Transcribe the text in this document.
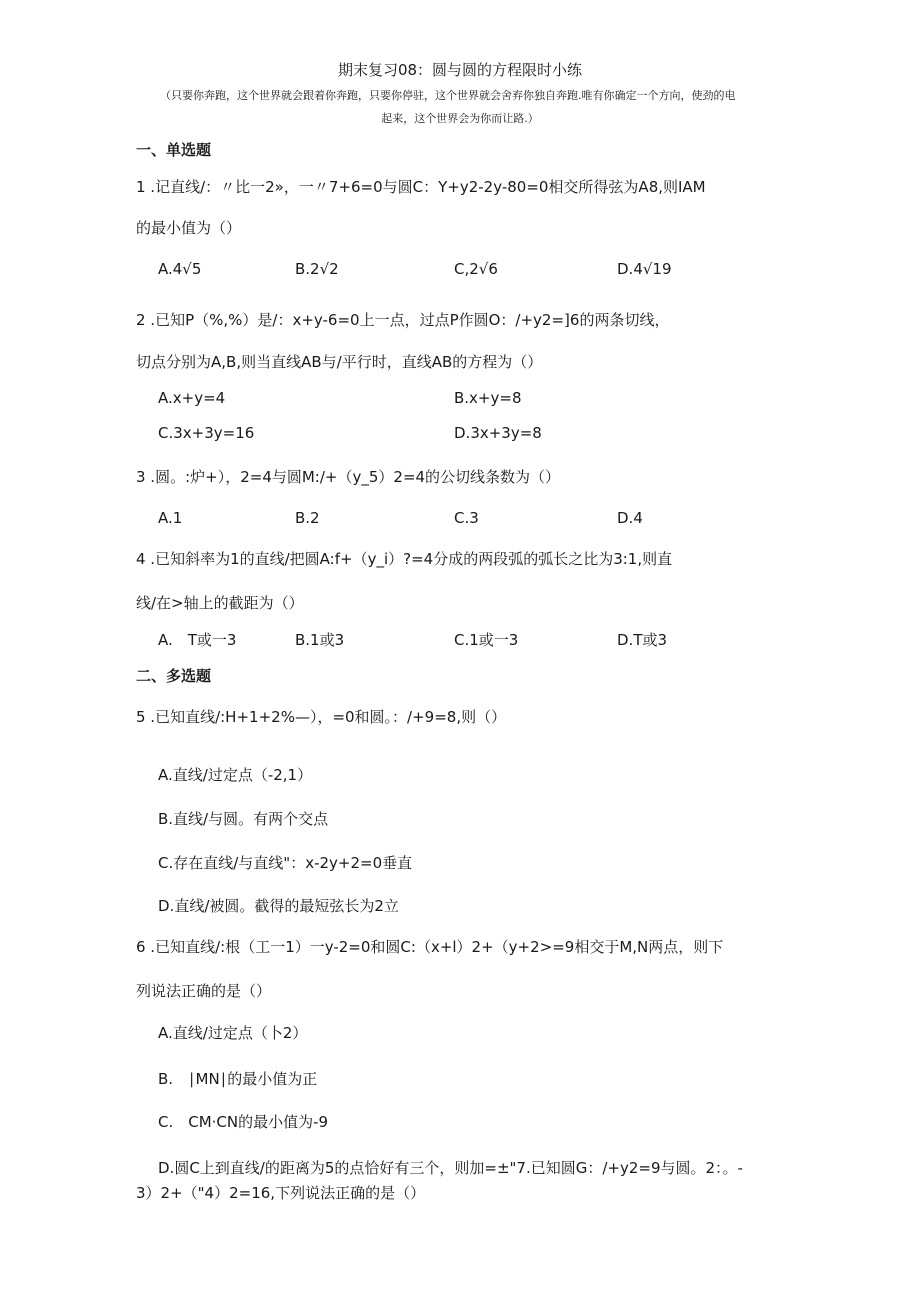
期末复习08：圆与圆的方程限时小练
（只要你奔跑，这个世界就会跟着你奔跑，只要你停驻，这个世界就会舍弃你独自奔跑.唯有你确定一个方向，使劲的电
起来，这个世界会为你而让路.）
一、单选题
1 .记直线/：〃比一2»，一〃7+6=0与圆C：Y+y2-2y-80=0相交所得弦为A8,则IAM
的最小值为（）
A.4√5	B.2√2	C,2√6	D.4√19
2 .已知P（%,%）是/：x+y-6=0上一点，过点P作圆O：/+y2=]6的两条切线，
切点分别为A,B,则当直线AB与/平行时，直线AB的方程为（）
A.x+y=4	B.x+y=8
C.3x+3y=16	D.3x+3y=8
3 .圆。:炉+），2=4与圆M:/+（y_5）2=4的公切线条数为（）
A.1	B.2	C.3	D.4
4 .已知斜率为1的直线/把圆A:f+（y_i）?=4分成的两段弧的弧长之比为3:1,则直
线/在>轴上的截距为（）
A.　T或一3	B.1或3	C.1或一3	D.T或3
二、多选题
5 .已知直线/:H+1+2%—），=0和圆。：/+9=8,则（）
A.直线/过定点（-2,1）
B.直线/与圆。有两个交点
C.存在直线/与直线"：x-2y+2=0垂直
D.直线/被圆。截得的最短弦长为2立
6 .已知直线/:根（工一1）一y-2=0和圆C:（x+l）2+（y+2>=9相交于M,N两点，则下
列说法正确的是（）
A.直线/过定点（卜2）
B.　∣MN∣的最小值为正
C.　CM·CN的最小值为-9
D.圆C上到直线/的距离为5的点恰好有三个，则加=±"7.已知圆G：/+y2=9与圆。2：。-
3）2+（"4）2=16,下列说法正确的是（）
